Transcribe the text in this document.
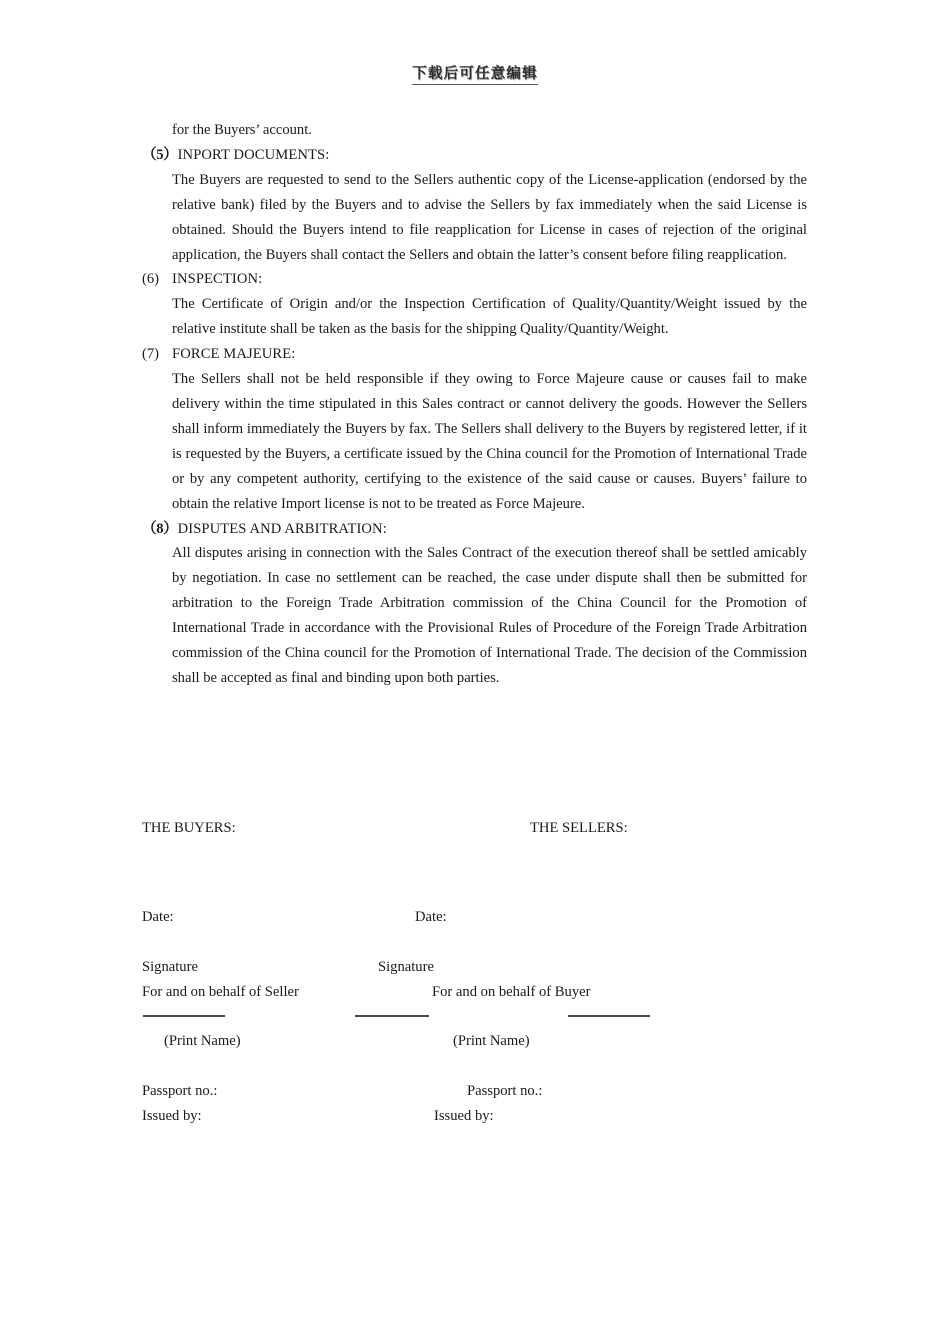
下载后可任意编辑
for the Buyers’ account.
（5）INPORT DOCUMENTS:
The Buyers are requested to send to the Sellers authentic copy of the License-application (endorsed by the relative bank) filed by the Buyers and to advise the Sellers by fax immediately when the said License is obtained. Should the Buyers intend to file reapplication for License in cases of rejection of the original application, the Buyers shall contact the Sellers and obtain the latter’s consent before filing reapplication.
(6) INSPECTION:
The Certificate of Origin and/or the Inspection Certification of Quality/Quantity/Weight issued by the relative institute shall be taken as the basis for the shipping Quality/Quantity/Weight.
(7) FORCE MAJEURE:
The Sellers shall not be held responsible if they owing to Force Majeure cause or causes fail to make delivery within the time stipulated in this Sales contract or cannot delivery the goods. However the Sellers shall inform immediately the Buyers by fax. The Sellers shall delivery to the Buyers by registered letter, if it is requested by the Buyers, a certificate issued by the China council for the Promotion of International Trade or by any competent authority, certifying to the existence of the said cause or causes. Buyers’ failure to obtain the relative Import license is not to be treated as Force Majeure.
（8）DISPUTES AND ARBITRATION:
All disputes arising in connection with the Sales Contract of the execution thereof shall be settled amicably by negotiation. In case no settlement can be reached, the case under dispute shall then be submitted for arbitration to the Foreign Trade Arbitration commission of the China Council for the Promotion of International Trade in accordance with the Provisional Rules of Procedure of the Foreign Trade Arbitration commission of the China council for the Promotion of International Trade. The decision of the Commission shall be accepted as final and binding upon both parties.
THE BUYERS:	THE SELLERS:
Date:	Date:
Signature	Signature
For and on behalf of Seller	For and on behalf of Buyer
(Print Name)	(Print Name)
Passport no.:	Passport no.:
Issued by:	Issued by:
